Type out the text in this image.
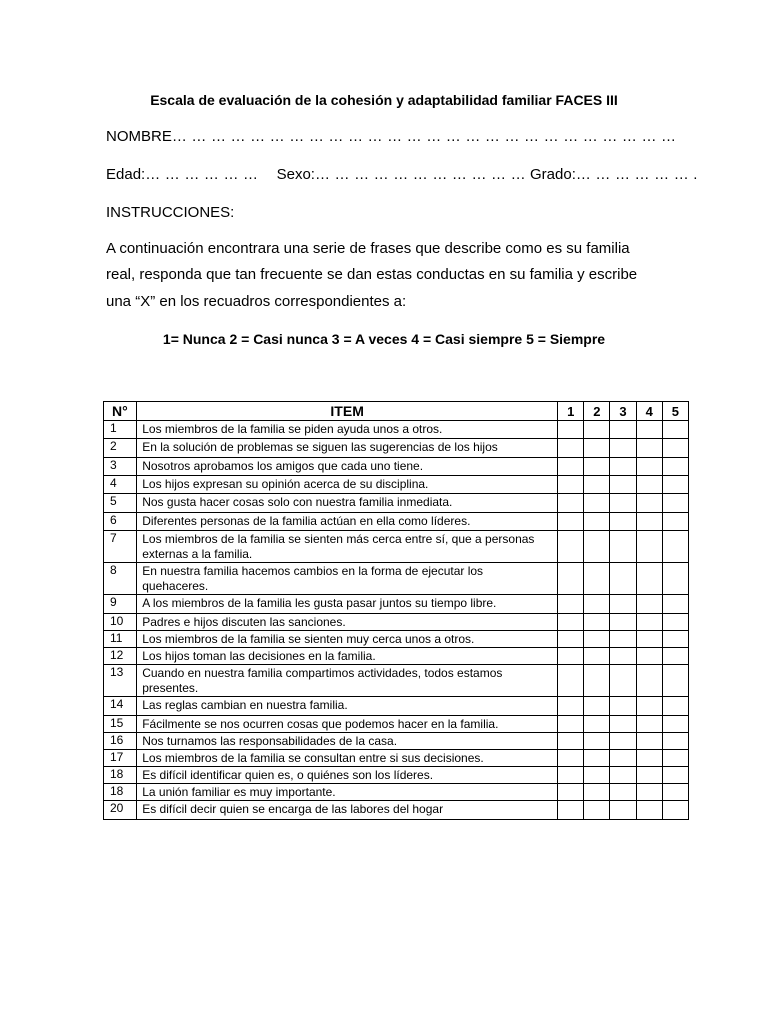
Escala de evaluación de la cohesión y adaptabilidad familiar FACES III
NOMBRE… … … … … … … … … … … … … … … … … … … … … … … … … …
Edad:… … … … … … Sexo:… … … … … … … … … … … Grado:… … … … … … .
INSTRUCCIONES:
A continuación encontrara una serie de frases que describe como es su familia
real, responda que tan frecuente se dan estas conductas en su familia y escribe
una “X” en los recuadros correspondientes a:
1= Nunca 2 = Casi nunca 3 = A veces 4 = Casi siempre 5 = Siempre
N°	ITEM	1	2	3	4	5
1	Los miembros de la familia se piden ayuda unos a otros.					
2	En la solución de problemas se siguen las sugerencias de los hijos					
3	Nosotros aprobamos los amigos que cada uno tiene.					
4	Los hijos expresan su opinión acerca de su disciplina.					
5	Nos gusta hacer cosas solo con nuestra familia inmediata.					
6	Diferentes personas de la familia actúan en ella como líderes.					
7	Los miembros de la familia se sienten más cerca entre sí, que a personas externas a la familia.					
8	En nuestra familia hacemos cambios en la forma de ejecutar los quehaceres.					
9	A los miembros de la familia les gusta pasar juntos su tiempo libre.					
10	Padres e hijos discuten las sanciones.					
11	Los miembros de la familia se sienten muy cerca unos a otros.					
12	Los hijos toman las decisiones en la familia.					
13	Cuando en nuestra familia compartimos actividades, todos estamos presentes.					
14	Las reglas cambian en nuestra familia.					
15	Fácilmente se nos ocurren cosas que podemos hacer en la familia.					
16	Nos turnamos las responsabilidades de la casa.					
17	Los miembros de la familia se consultan entre si sus decisiones.					
18	Es difícil identificar quien es, o quiénes son los líderes.					
18	La unión familiar es muy importante.					
20	Es difícil decir quien se encarga de las labores del hogar					
